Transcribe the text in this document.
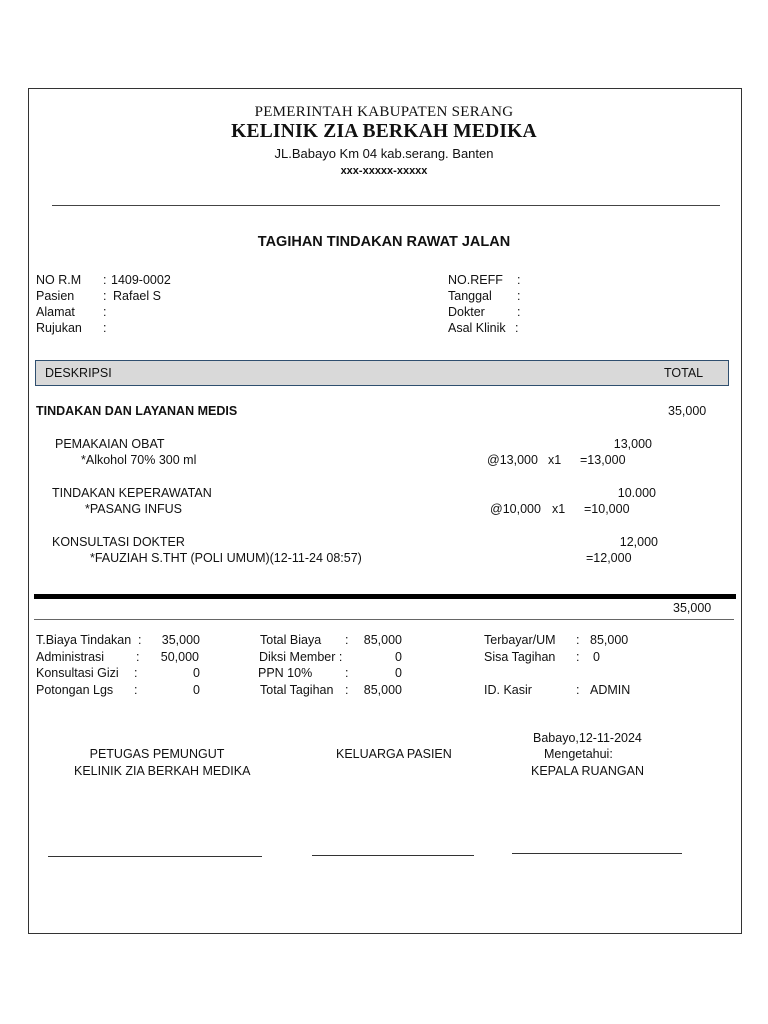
PEMERINTAH KABUPATEN SERANG
KELINIK ZIA BERKAH MEDIKA
JL.Babayo Km 04 kab.serang. Banten
xxx-xxxxx-xxxxx
TAGIHAN TINDAKAN RAWAT JALAN
NO R.M : 1409-0002
Pasien : Rafael S
Alamat :
Rujukan :
NO.REFF :
Tanggal :
Dokter	:
Asal Klinik :
DESKRIPSI	TOTAL
TINDAKAN DAN LAYANAN MEDIS	35,000
PEMAKAIAN OBAT	13,000
*Alkohol 70% 300 ml	@13,000 x1 =13,000
TINDAKAN KEPERAWATAN	10.000
*PASANG INFUS	@10,000 x1 =10,000
KONSULTASI DOKTER	12,000
*FAUZIAH S.THT (POLI UMUM)(12-11-24 08:57)	=12,000
35,000
T.Biaya Tindakan :	35,000
Administrasi	:	50,000
Konsultasi Gizi :	0
Potongan Lgs :	0
Total Biaya :	85,000
Diksi Member :	0
PPN 10%	:	0
Total Tagihan :	85,000
Terbayar/UM : 85,000
Sisa Tagihan : 0
ID. Kasir	: ADMIN
Babayo,12-11-2024
PETUGAS PEMUNGUT
KELINIK ZIA BERKAH MEDIKA
KELUARGA PASIEN	Mengetahui:
KEPALA RUANGAN
